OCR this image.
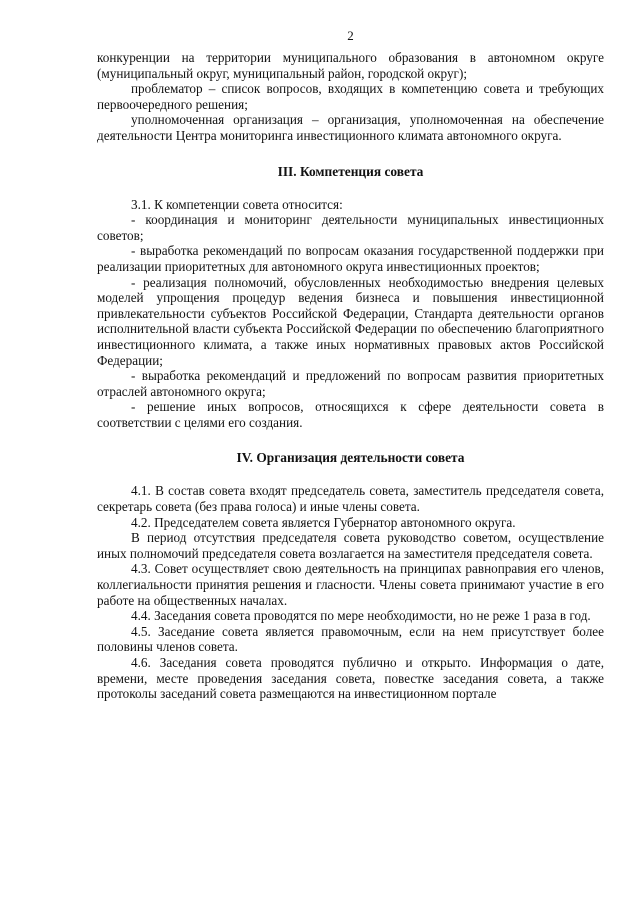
2
конкуренции на территории муниципального образования в автономном округе (муниципальный округ, муниципальный район, городской округ);
проблематор – список вопросов, входящих в компетенцию совета и требующих первоочередного решения;
уполномоченная организация – организация, уполномоченная на обеспечение деятельности Центра мониторинга инвестиционного климата автономного округа.
III. Компетенция совета
3.1. К компетенции совета относится:
- координация и мониторинг деятельности муниципальных инвестиционных советов;
- выработка рекомендаций по вопросам оказания государственной поддержки при реализации приоритетных для автономного округа инвестиционных проектов;
- реализация полномочий, обусловленных необходимостью внедрения целевых моделей упрощения процедур ведения бизнеса и повышения инвестиционной привлекательности субъектов Российской Федерации, Стандарта деятельности органов исполнительной власти субъекта Российской Федерации по обеспечению благоприятного инвестиционного климата, а также иных нормативных правовых актов Российской Федерации;
- выработка рекомендаций и предложений по вопросам развития приоритетных отраслей автономного округа;
- решение иных вопросов, относящихся к сфере деятельности совета в соответствии с целями его создания.
IV. Организация деятельности совета
4.1. В состав совета входят председатель совета, заместитель председателя совета, секретарь совета (без права голоса) и иные члены совета.
4.2. Председателем совета является Губернатор автономного округа.
В период отсутствия председателя совета руководство советом, осуществление иных полномочий председателя совета возлагается на заместителя председателя совета.
4.3. Совет осуществляет свою деятельность на принципах равноправия его членов, коллегиальности принятия решения и гласности. Члены совета принимают участие в его работе на общественных началах.
4.4. Заседания совета проводятся по мере необходимости, но не реже 1 раза в год.
4.5. Заседание совета является правомочным, если на нем присутствует более половины членов совета.
4.6. Заседания совета проводятся публично и открыто. Информация о дате, времени, месте проведения заседания совета, повестке заседания совета, а также протоколы заседаний совета размещаются на инвестиционном портале
